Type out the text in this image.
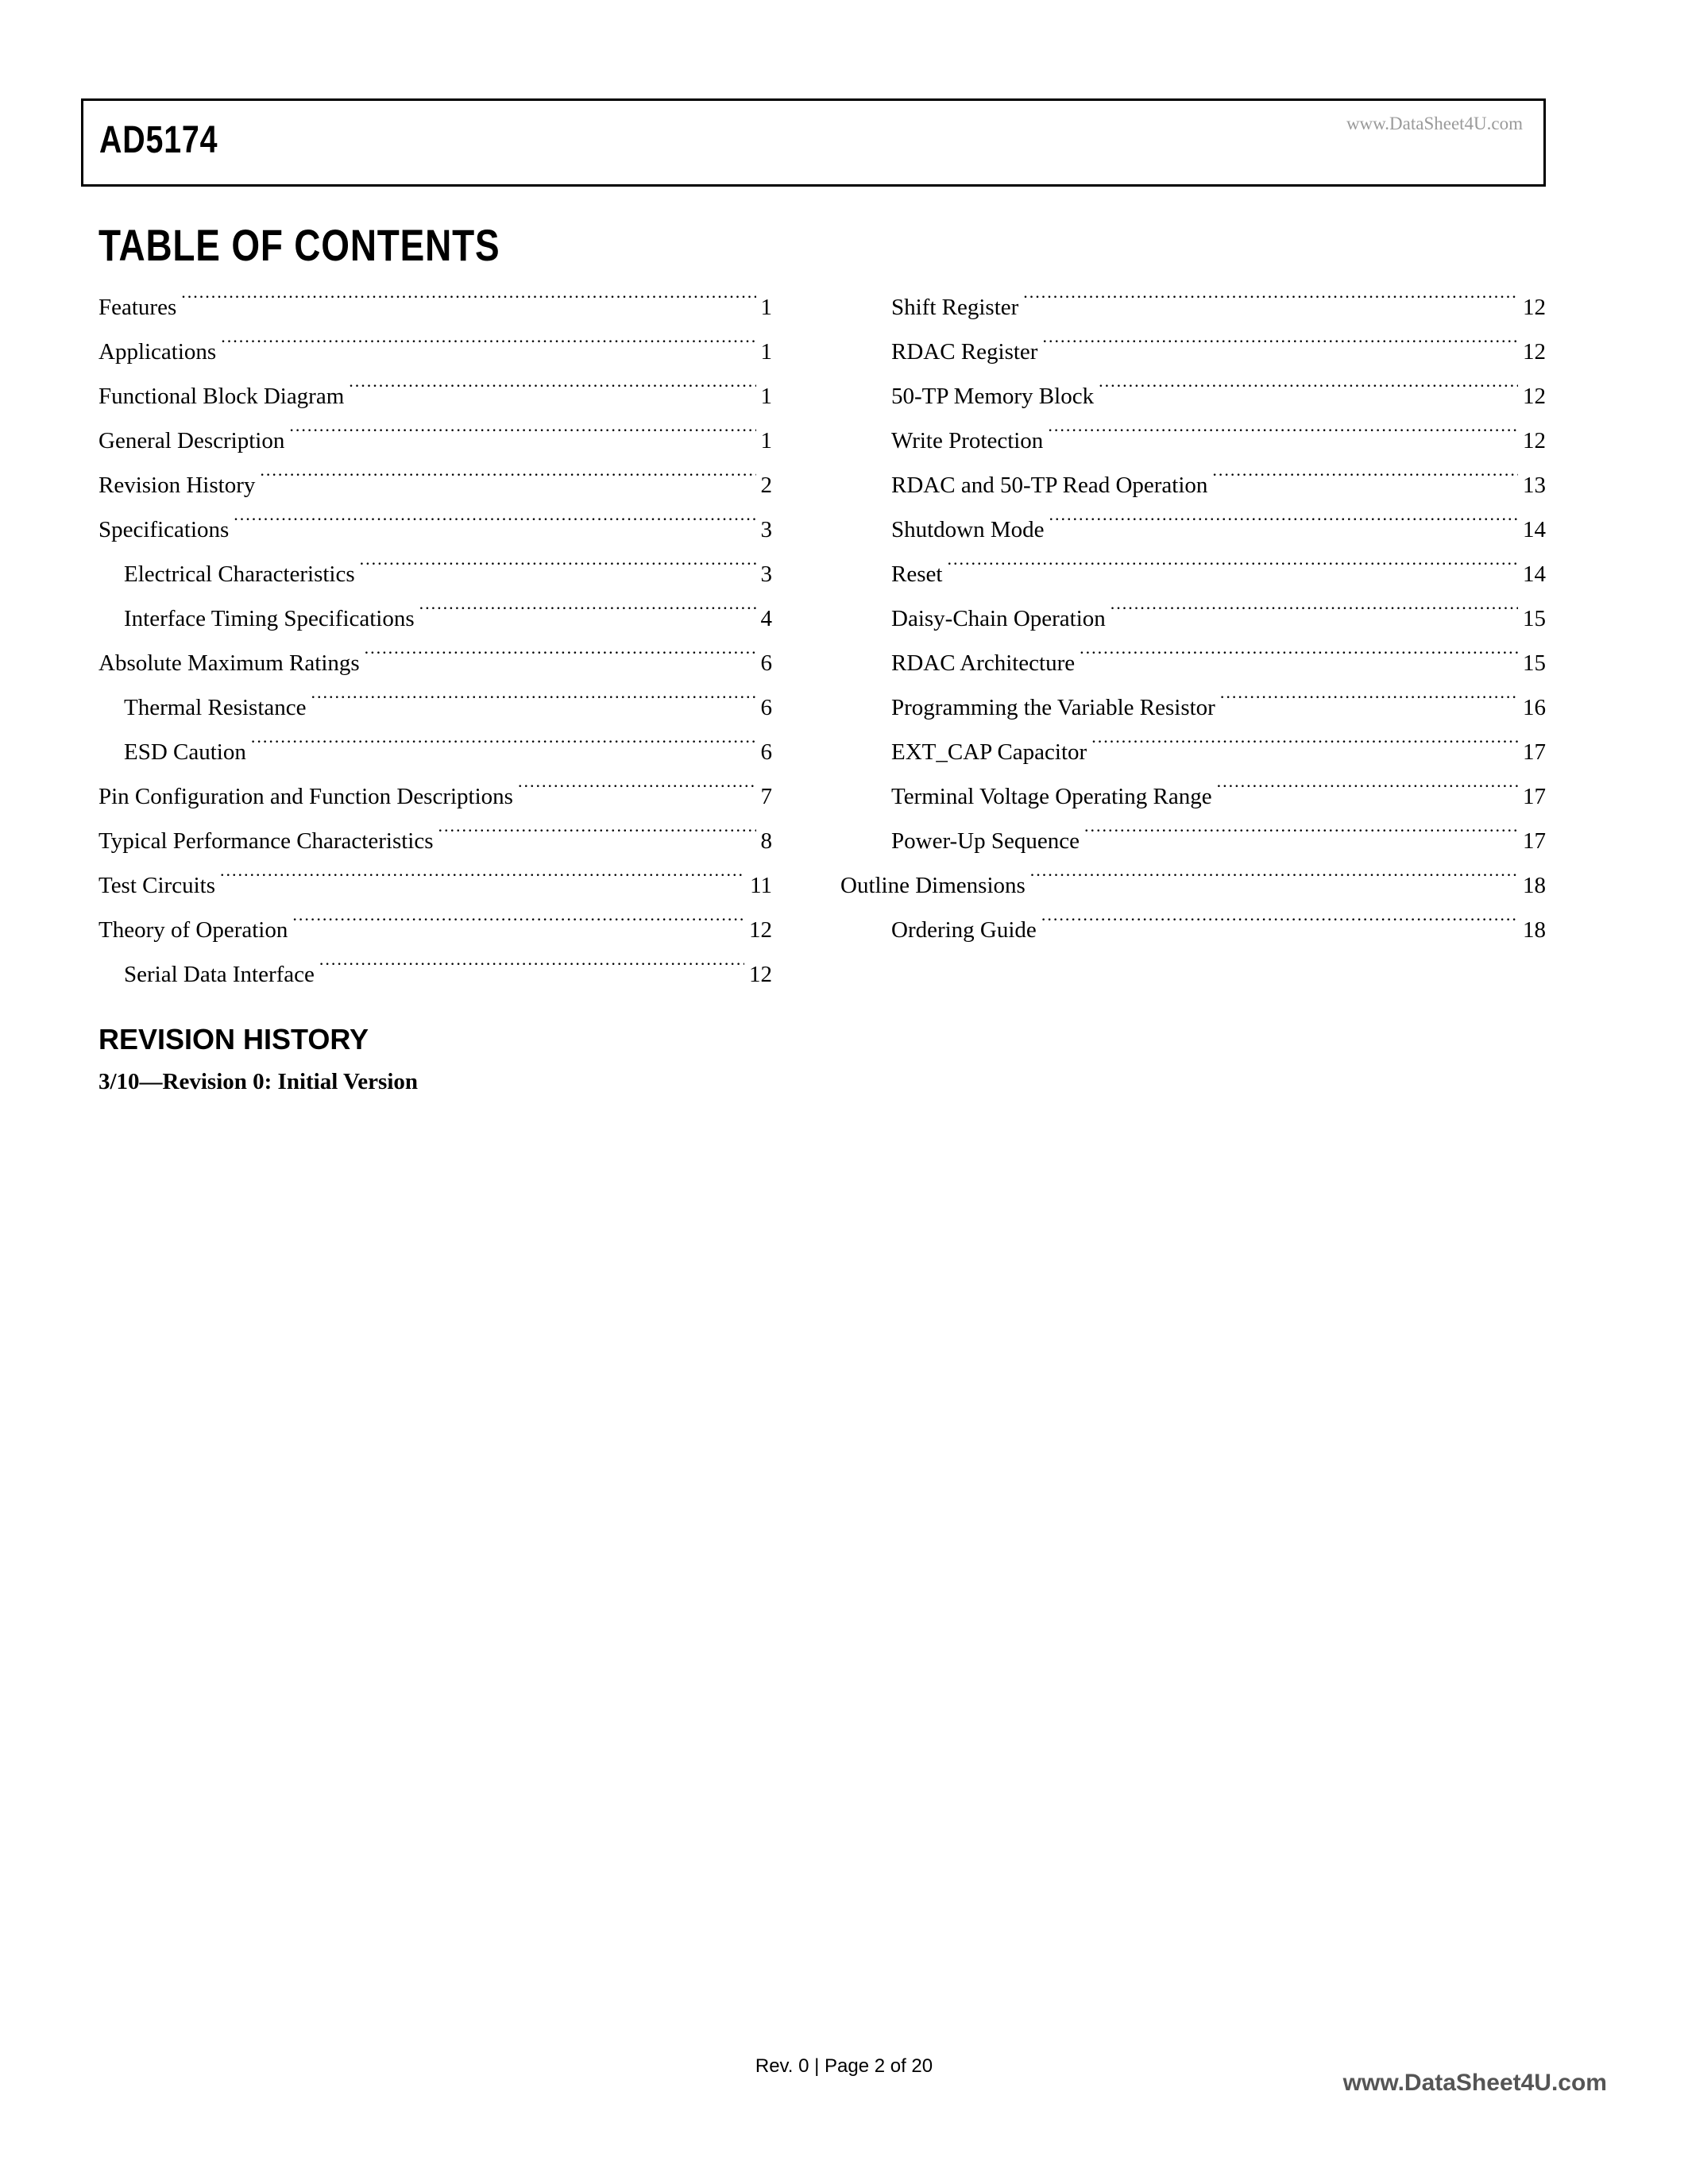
AD5174	www.DataSheet4U.com
TABLE OF CONTENTS
Features .....	1
Applications .....	1
Functional Block Diagram .....	1
General Description .....	1
Revision History .....	2
Specifications .....	3
Electrical Characteristics .....	3
Interface Timing Specifications .....	4
Absolute Maximum Ratings .....	6
Thermal Resistance .....	6
ESD Caution .....	6
Pin Configuration and Function Descriptions .....	7
Typical Performance Characteristics .....	8
Test Circuits .....	11
Theory of Operation .....	12
Serial Data Interface .....	12
Shift Register .....	12
RDAC Register .....	12
50-TP Memory Block .....	12
Write Protection .....	12
RDAC and 50-TP Read Operation .....	13
Shutdown Mode .....	14
Reset .....	14
Daisy-Chain Operation .....	15
RDAC Architecture .....	15
Programming the Variable Resistor .....	16
EXT_CAP Capacitor .....	17
Terminal Voltage Operating Range .....	17
Power-Up Sequence .....	17
Outline Dimensions .....	18
Ordering Guide .....	18
REVISION HISTORY
3/10—Revision 0: Initial Version
Rev. 0 | Page 2 of 20
www.DataSheet4U.com
